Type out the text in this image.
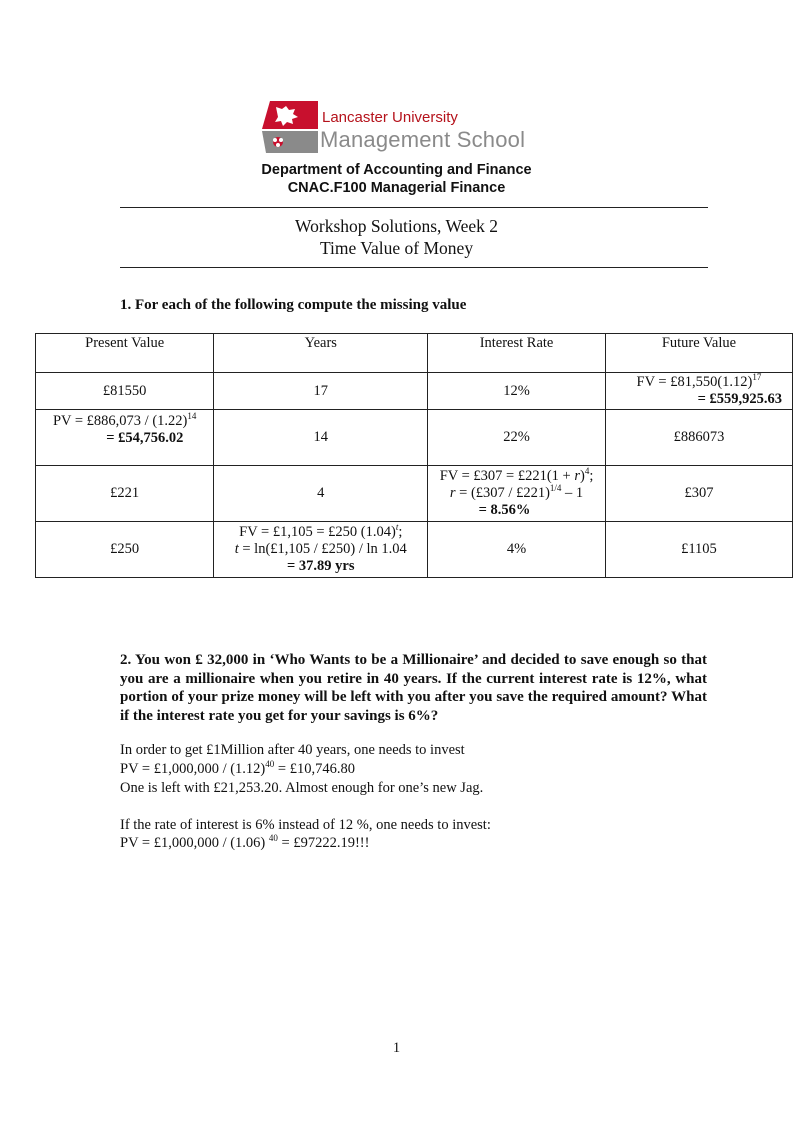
Lancaster University
Management School
Department of Accounting and Finance
CNAC.F100 Managerial Finance
Workshop Solutions, Week 2
Time Value of Money
1. For each of the following compute the missing value
Present Value	Years	Interest Rate	Future Value
£81550	17	12%	FV = $£81,550(1.12)^{17}$
= £559,925.63

PV = £886,073 / $(1.22)^{14}$
= £54,756.02	14	22%	£886073
£221	4	FV = £307 = £221(1 + r)$^4$;
r = (£307 / £221)$^{1/4}$ – 1
= 8.56%	£307
£250	FV = £1,105 = £250 $(1.04)^t$;
t = ln(£1,105 / £250) / ln 1.04
= 37.89 yrs	4%	£1105
2. You won £ 32,000 in ‘Who Wants to be a Millionaire’ and decided to save enough so that you are a millionaire when you retire in 40 years. If the current interest rate is 12%, what portion of your prize money will be left with you after you save the required amount? What if the interest rate you get for your savings is 6%?
In order to get £1Million after 40 years, one needs to invest
PV = £1,000,000 / $(1.12)^{40}$ = £10,746.80
One is left with £21,253.20. Almost enough for one’s new Jag.
If the rate of interest is 6% instead of 12 %, one needs to invest:
PV = £1,000,000 / (1.06) $^{40}$ = £97222.19!!!
1
